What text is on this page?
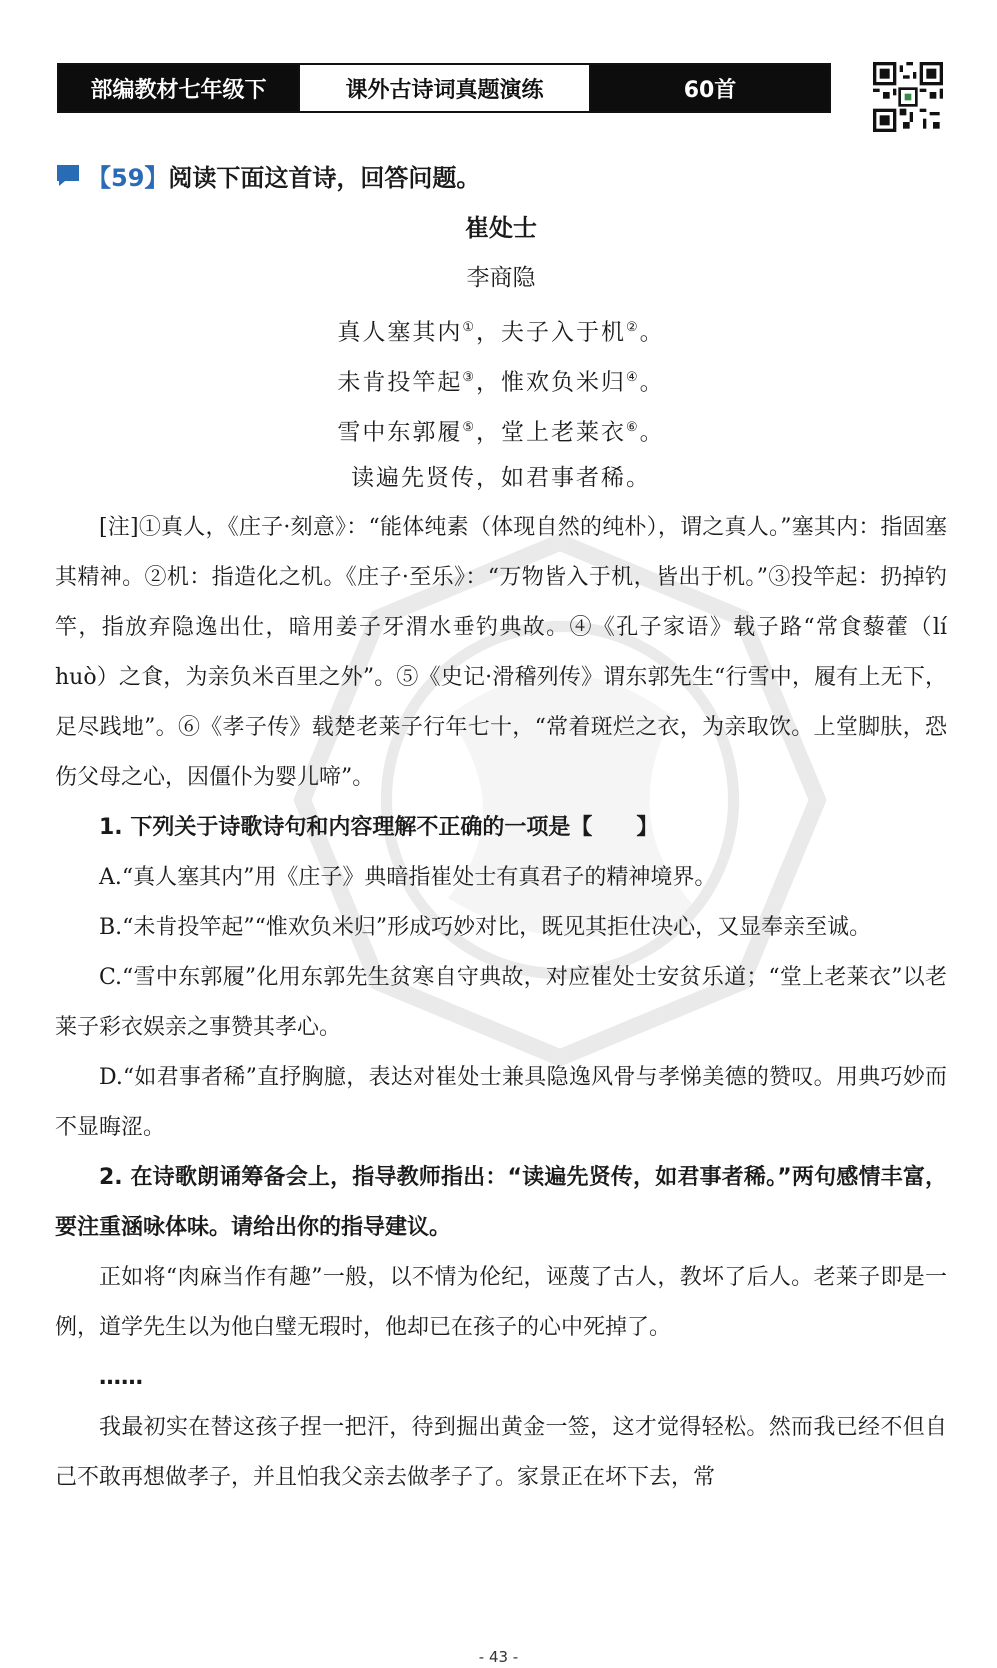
部编教材七年级下	课外古诗词真题演练	60首
【59】 阅读下面这首诗，回答问题。
崔处士
李商隐
真人塞其内①，夫子入于机②。
未肯投竿起③，惟欢负米归④。
雪中东郭履⑤，堂上老莱衣⑥。
读遍先贤传，如君事者稀。

[注]①真人，《庄子·刻意》：“能体纯素（体现自然的纯朴），谓之真人。”塞其内：指固塞其精神。②机：指造化之机。《庄子·至乐》：“万物皆入于机，皆出于机。”③投竿起：扔掉钓竿，指放弃隐逸出仕，暗用姜子牙渭水垂钓典故。④《孔子家语》载子路“常食藜藿（lí huò）之食，为亲负米百里之外”。⑤《史记·滑稽列传》谓东郭先生“行雪中，履有上无下，足尽践地”。⑥《孝子传》载楚老莱子行年七十，“常着斑烂之衣，为亲取饮。上堂脚肤，恐伤父母之心，因僵仆为婴儿啼”。

1. 下列关于诗歌诗句和内容理解不正确的一项是【　　】

A.“真人塞其内”用《庄子》典暗指崔处士有真君子的精神境界。

B.“未肯投竿起”“惟欢负米归”形成巧妙对比，既见其拒仕决心，又显奉亲至诚。

C.“雪中东郭履”化用东郭先生贫寒自守典故，对应崔处士安贫乐道；“堂上老莱衣”以老莱子彩衣娱亲之事赞其孝心。

D.“如君事者稀”直抒胸臆，表达对崔处士兼具隐逸风骨与孝悌美德的赞叹。用典巧妙而不显晦涩。

2. 在诗歌朗诵筹备会上，指导教师指出：“读遍先贤传，如君事者稀。”两句感情丰富，要注重涵咏体味。请给出你的指导建议。

正如将“肉麻当作有趣”一般，以不情为伦纪，诬蔑了古人，教坏了后人。老莱子即是一例，道学先生以为他白璧无瑕时，他却已在孩子的心中死掉了。

……

我最初实在替这孩子捏一把汗，待到掘出黄金一签，这才觉得轻松。然而我已经不但自己不敢再想做孝子，并且怕我父亲去做孝子了。家景正在坏下去，常

- 43 -
